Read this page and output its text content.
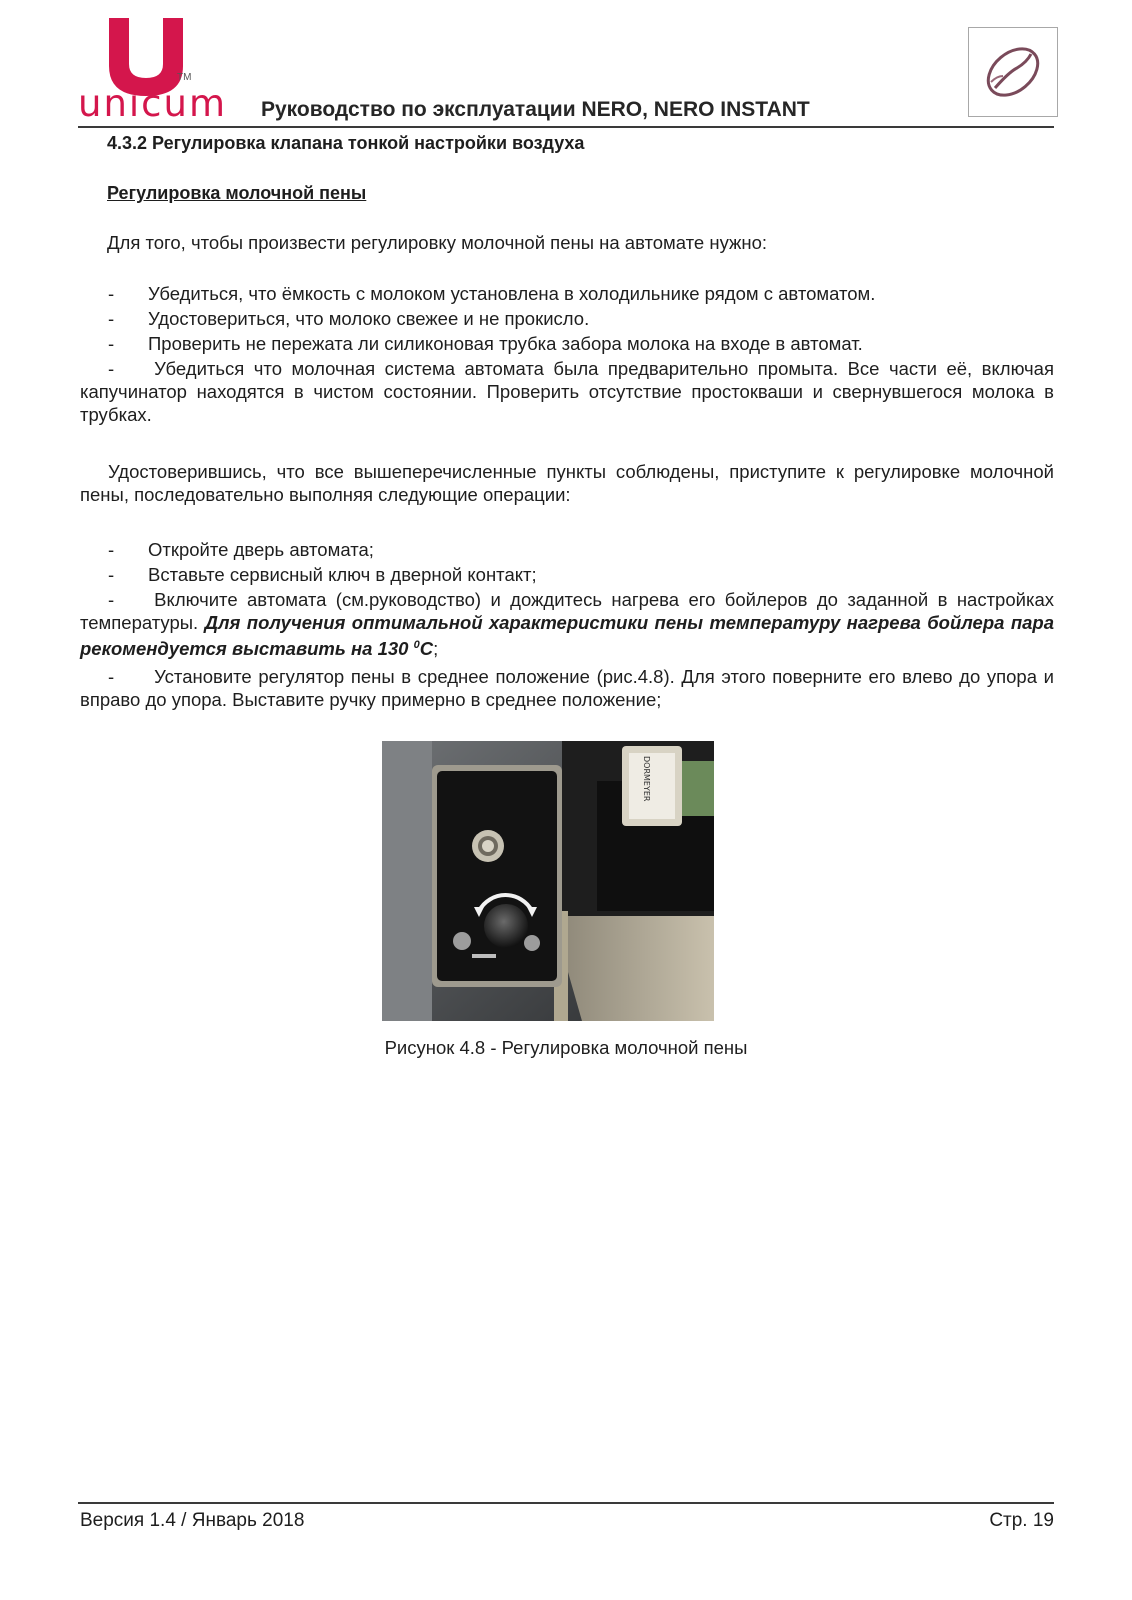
TM
unicum Руководство по эксплуатации NERO, NERO INSTANT
4.3.2 Регулировка клапана тонкой настройки воздуха
Регулировка молочной пены
Для того, чтобы произвести регулировку молочной пены на автомате нужно:
- Убедиться, что ёмкость с молоком установлена в холодильнике рядом с автоматом.
- Удостовериться, что молоко свежее и не прокисло.
- Проверить не пережата ли силиконовая трубка забора молока на входе в автомат.
- Убедиться что молочная система автомата была предварительно промыта. Все части её, включая капучинатор находятся в чистом состоянии. Проверить отсутствие простокваши и свернувшегося молока в трубках.
Удостоверившись, что все вышеперечисленные пункты соблюдены, приступите к регулировке молочной пены, последовательно выполняя следующие операции:
- Откройте дверь автомата;
- Вставьте сервисный ключ в дверной контакт;
- Включите автомата (см.руководство) и дождитесь нагрева его бойлеров до заданной в настройках температуры. Для получения оптимальной характеристики пены температуру нагрева бойлера пара рекомендуется выставить на 130 $^0$С;
- Установите регулятор пены в среднее положение (рис.4.8). Для этого поверните его влево до упора и вправо до упора. Выставите ручку примерно в среднее положение;
DORMEYER
Рисунок 4.8 - Регулировка молочной пены
Версия 1.4 / Январь 2018	Стр. 19
